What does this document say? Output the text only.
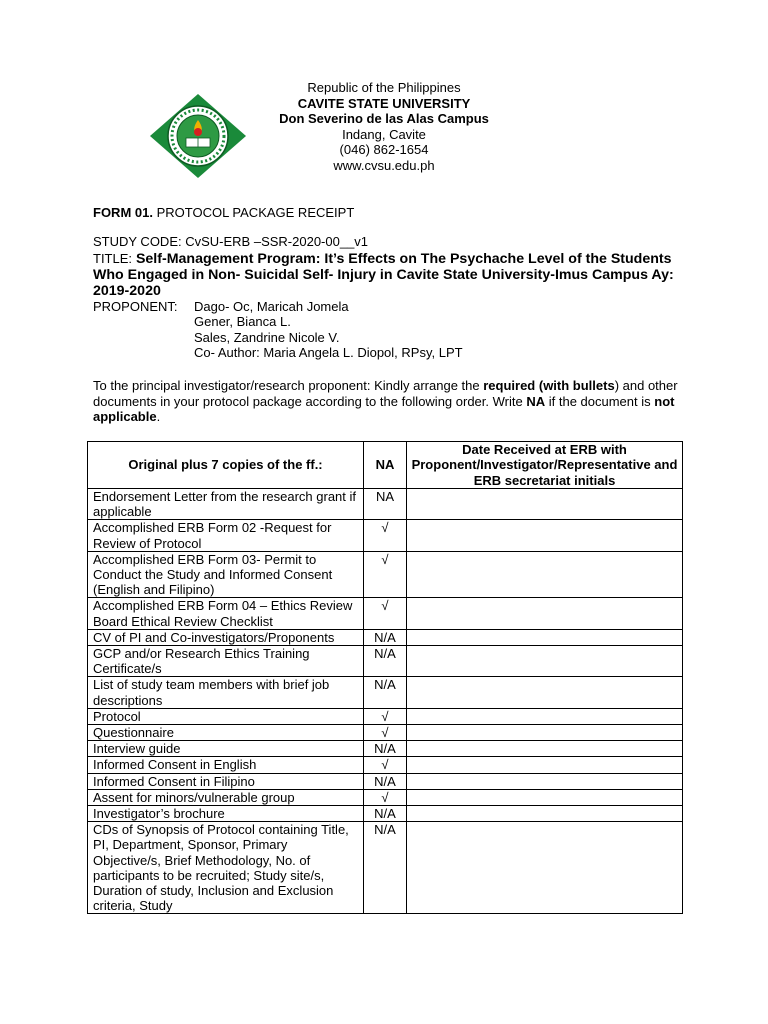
Republic of the Philippines
CAVITE STATE UNIVERSITY
Don Severino de las Alas Campus
Indang, Cavite
(046) 862-1654
www.cvsu.edu.ph
FORM 01. PROTOCOL PACKAGE RECEIPT
STUDY CODE: CvSU-ERB –SSR-2020-00__v1
TITLE: Self-Management Program: It’s Effects on The Psychache Level of the Students Who Engaged in Non- Suicidal Self- Injury in Cavite State University-Imus Campus Ay: 2019-2020
PROPONENT:	Dago- Oc, Maricah Jomela
Gener, Bianca L.
Sales, Zandrine Nicole V.
Co- Author: Maria Angela L. Diopol, RPsy, LPT
To the principal investigator/research proponent: Kindly arrange the required (with bullets) and other documents in your protocol package according to the following order. Write NA if the document is not applicable.
Original plus 7 copies of the ff.:	NA	Date Received at ERB with Proponent/Investigator/Representative and ERB secretariat initials
Endorsement Letter from the research grant if applicable	NA	
Accomplished ERB Form 02 -Request for Review of Protocol	√	
Accomplished ERB Form 03- Permit to Conduct the Study and Informed Consent (English and Filipino)	√	
Accomplished ERB Form 04 – Ethics Review Board Ethical Review Checklist	√	
CV of PI and Co-investigators/Proponents	N/A	
GCP and/or Research Ethics Training Certificate/s	N/A	
List of study team members with brief job descriptions	N/A	
Protocol	√	
Questionnaire	√	
Interview guide	N/A	
Informed Consent in English	√	
Informed Consent in Filipino	N/A	
Assent for minors/vulnerable group	√	
Investigator’s brochure	N/A	
CDs of Synopsis of Protocol containing Title, PI, Department, Sponsor, Primary Objective/s, Brief Methodology, No. of participants to be recruited; Study site/s, Duration of study, Inclusion and Exclusion criteria, Study	N/A	
